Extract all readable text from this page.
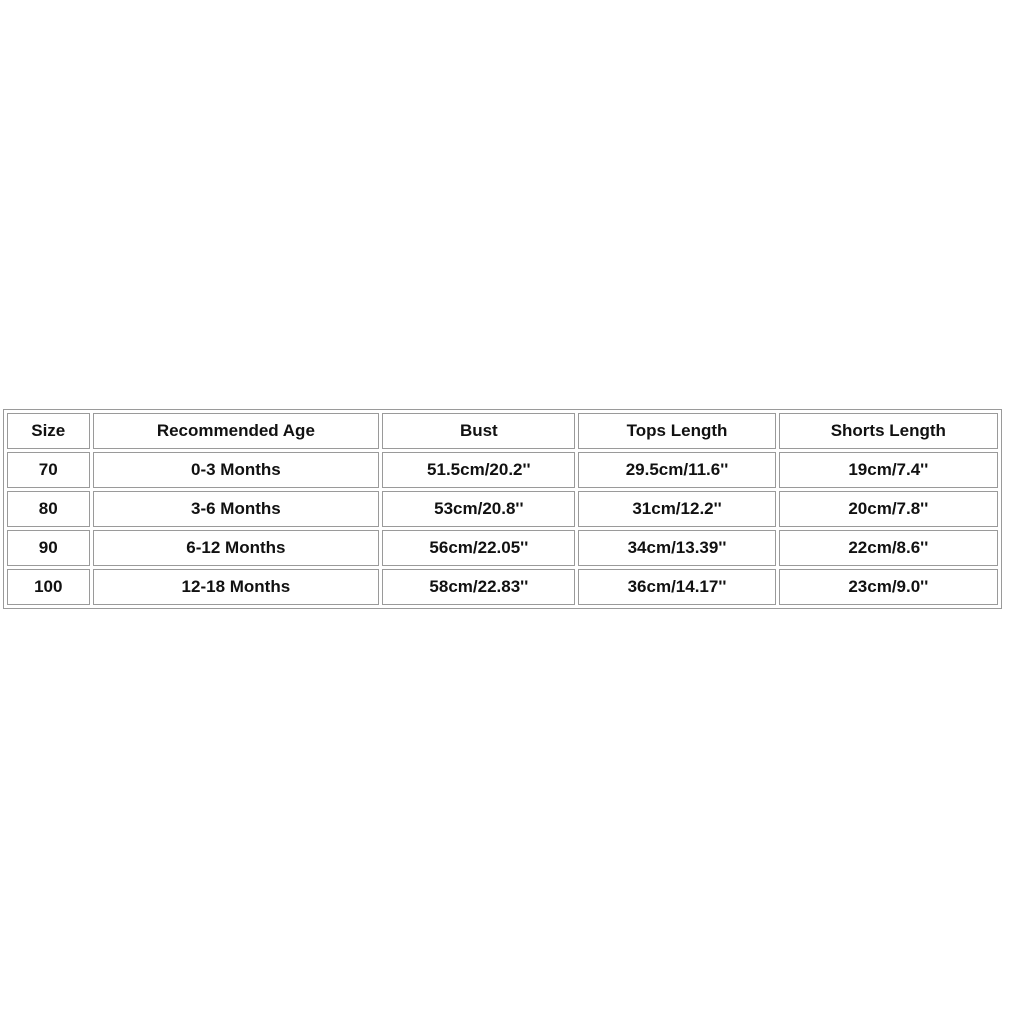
Size	Recommended Age	Bust	Tops Length	Shorts Length
70	0-3 Months	51.5cm/20.2''	29.5cm/11.6''	19cm/7.4''
80	3-6 Months	53cm/20.8''	31cm/12.2''	20cm/7.8''
90	6-12 Months	56cm/22.05''	34cm/13.39''	22cm/8.6''
100	12-18 Months	58cm/22.83''	36cm/14.17''	23cm/9.0''
